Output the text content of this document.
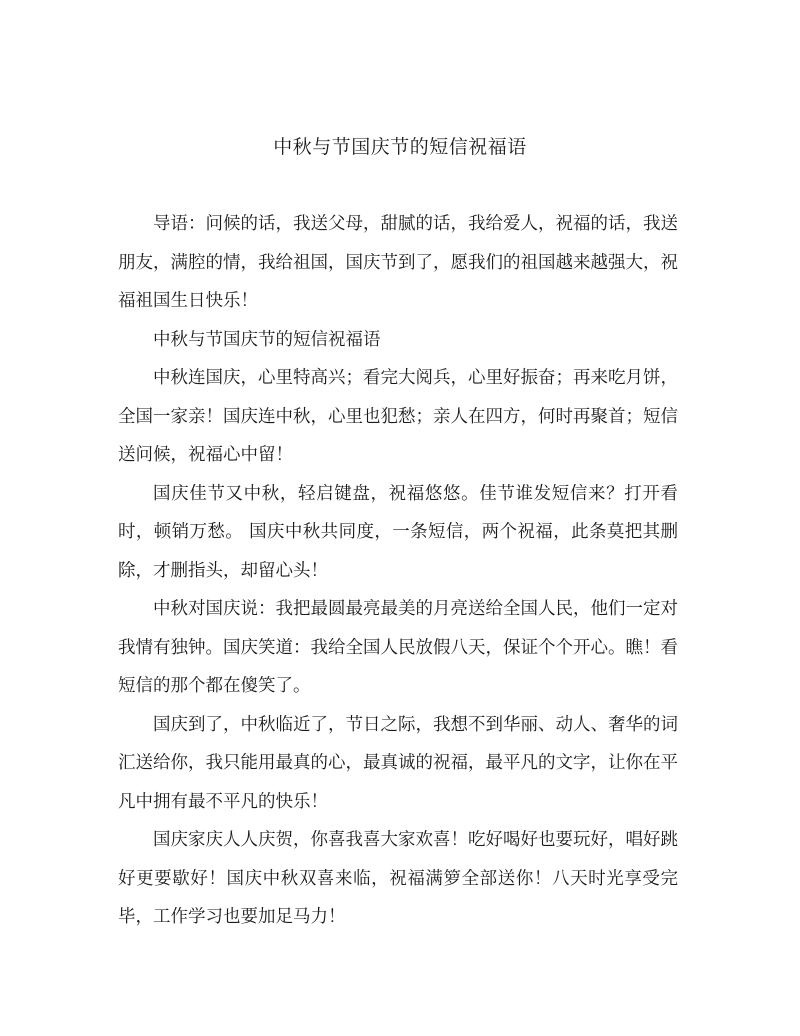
中秋与节国庆节的短信祝福语

导语：问候的话，我送父母，甜腻的话，我给爱人，祝福的话，我送朋友，满腔的情，我给祖国，国庆节到了，愿我们的祖国越来越强大，祝福祖国生日快乐！

中秋与节国庆节的短信祝福语

中秋连国庆，心里特高兴；看完大阅兵，心里好振奋；再来吃月饼，全国一家亲！国庆连中秋，心里也犯愁；亲人在四方，何时再聚首；短信送问候，祝福心中留！

国庆佳节又中秋，轻启键盘，祝福悠悠。佳节谁发短信来？打开看时，顿销万愁。 国庆中秋共同度，一条短信，两个祝福，此条莫把其删除，才删指头，却留心头！

中秋对国庆说：我把最圆最亮最美的月亮送给全国人民，他们一定对我情有独钟。国庆笑道：我给全国人民放假八天，保证个个开心。瞧！看短信的那个都在傻笑了。

国庆到了，中秋临近了，节日之际，我想不到华丽、动人、奢华的词汇送给你，我只能用最真的心，最真诚的祝福，最平凡的文字，让你在平凡中拥有最不平凡的快乐！

国庆家庆人人庆贺，你喜我喜大家欢喜！吃好喝好也要玩好，唱好跳好更要歇好！国庆中秋双喜来临，祝福满箩全部送你！八天时光享受完毕，工作学习也要加足马力！
